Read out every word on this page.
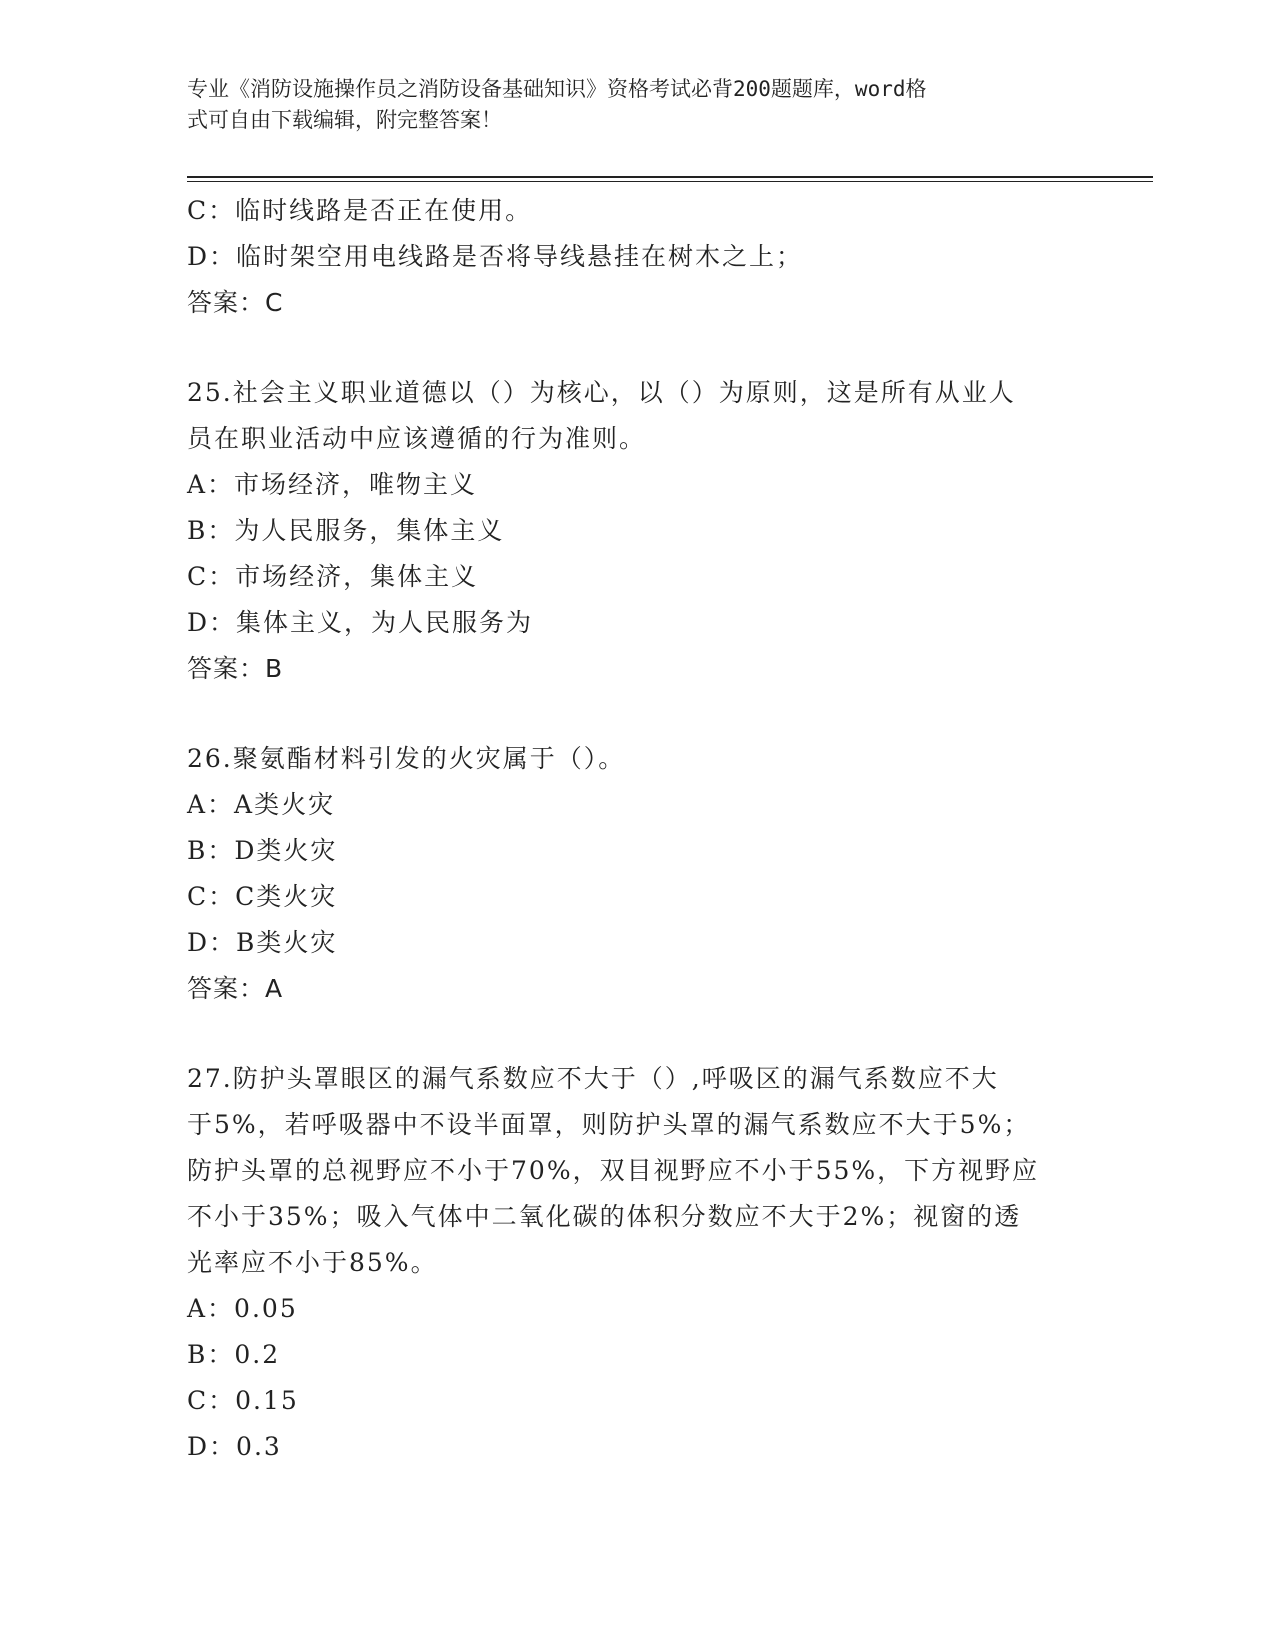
专业《消防设施操作员之消防设备基础知识》资格考试必背200题题库，word格
式可自由下载编辑，附完整答案！
C：临时线路是否正在使用。
D：临时架空用电线路是否将导线悬挂在树木之上；
答案：C
25.社会主义职业道德以（）为核心，以（）为原则，这是所有从业人
员在职业活动中应该遵循的行为准则。
A：市场经济，唯物主义
B：为人民服务，集体主义
C：市场经济，集体主义
D：集体主义，为人民服务为
答案：B
26.聚氨酯材料引发的火灾属于（）。
A：A类火灾
B：D类火灾
C：C类火灾
D：B类火灾
答案：A
27.防护头罩眼区的漏气系数应不大于（）,呼吸区的漏气系数应不大
于5%，若呼吸器中不设半面罩，则防护头罩的漏气系数应不大于5%；
防护头罩的总视野应不小于70%，双目视野应不小于55%，下方视野应
不小于35%；吸入气体中二氧化碳的体积分数应不大于2%；视窗的透
光率应不小于85%。
A：0.05
B：0.2
C：0.15
D：0.3
